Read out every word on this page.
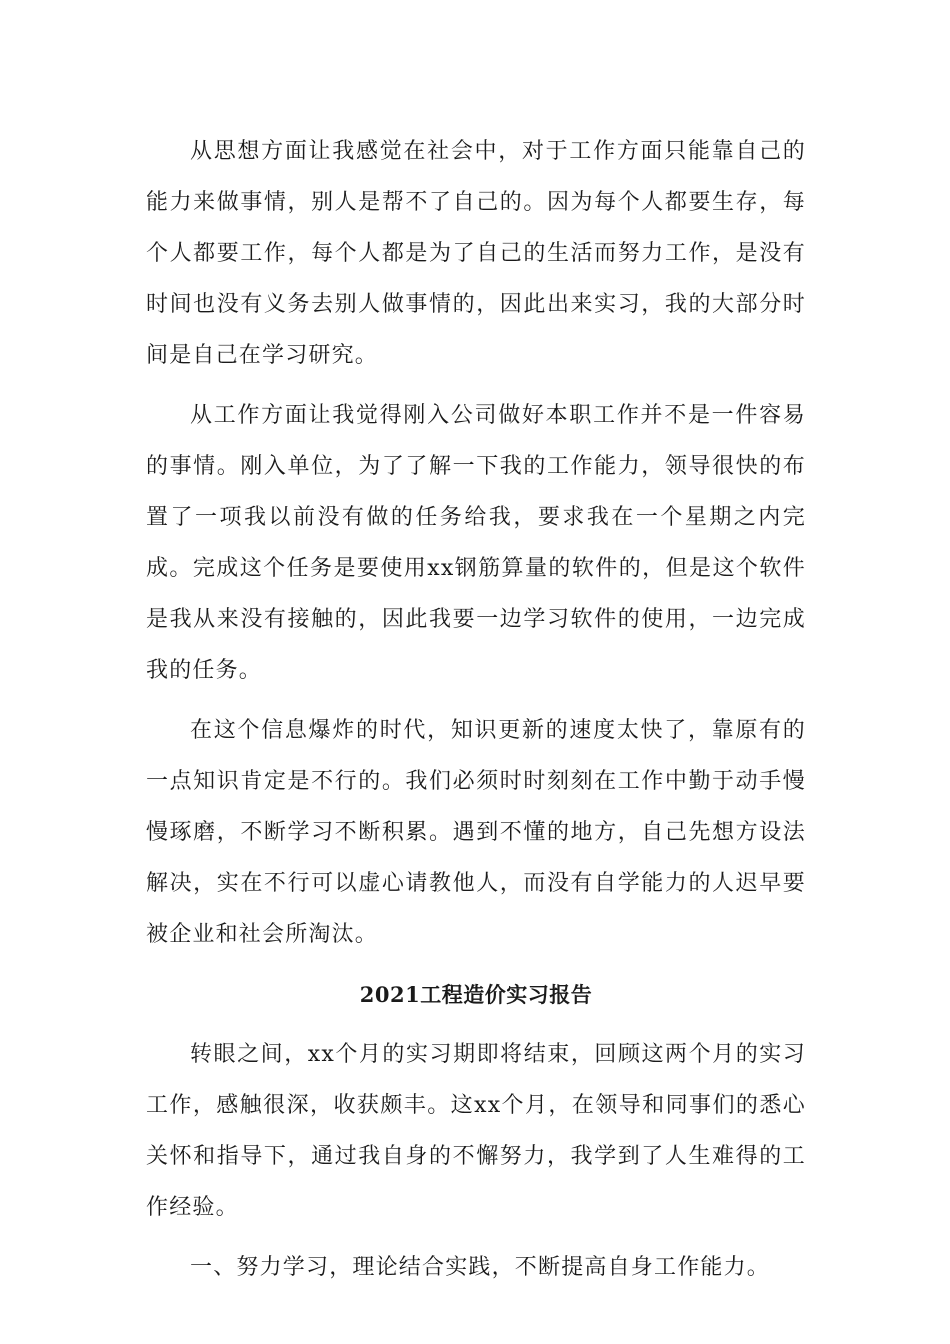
从思想方面让我感觉在社会中，对于工作方面只能靠自己的能力来做事情，别人是帮不了自己的。因为每个人都要生存，每个人都要工作，每个人都是为了自己的生活而努力工作，是没有时间也没有义务去别人做事情的，因此出来实习，我的大部分时间是自己在学习研究。

从工作方面让我觉得刚入公司做好本职工作并不是一件容易的事情。刚入单位，为了了解一下我的工作能力，领导很快的布置了一项我以前没有做的任务给我，要求我在一个星期之内完成。完成这个任务是要使用xx钢筋算量的软件的，但是这个软件是我从来没有接触的，因此我要一边学习软件的使用，一边完成我的任务。

在这个信息爆炸的时代，知识更新的速度太快了，靠原有的一点知识肯定是不行的。我们必须时时刻刻在工作中勤于动手慢慢琢磨，不断学习不断积累。遇到不懂的地方，自己先想方设法解决，实在不行可以虚心请教他人，而没有自学能力的人迟早要被企业和社会所淘汰。

2021工程造价实习报告

转眼之间，xx个月的实习期即将结束，回顾这两个月的实习工作，感触很深，收获颇丰。这xx个月，在领导和同事们的悉心关怀和指导下，通过我自身的不懈努力，我学到了人生难得的工作经验。

一、努力学习，理论结合实践，不断提高自身工作能力。
